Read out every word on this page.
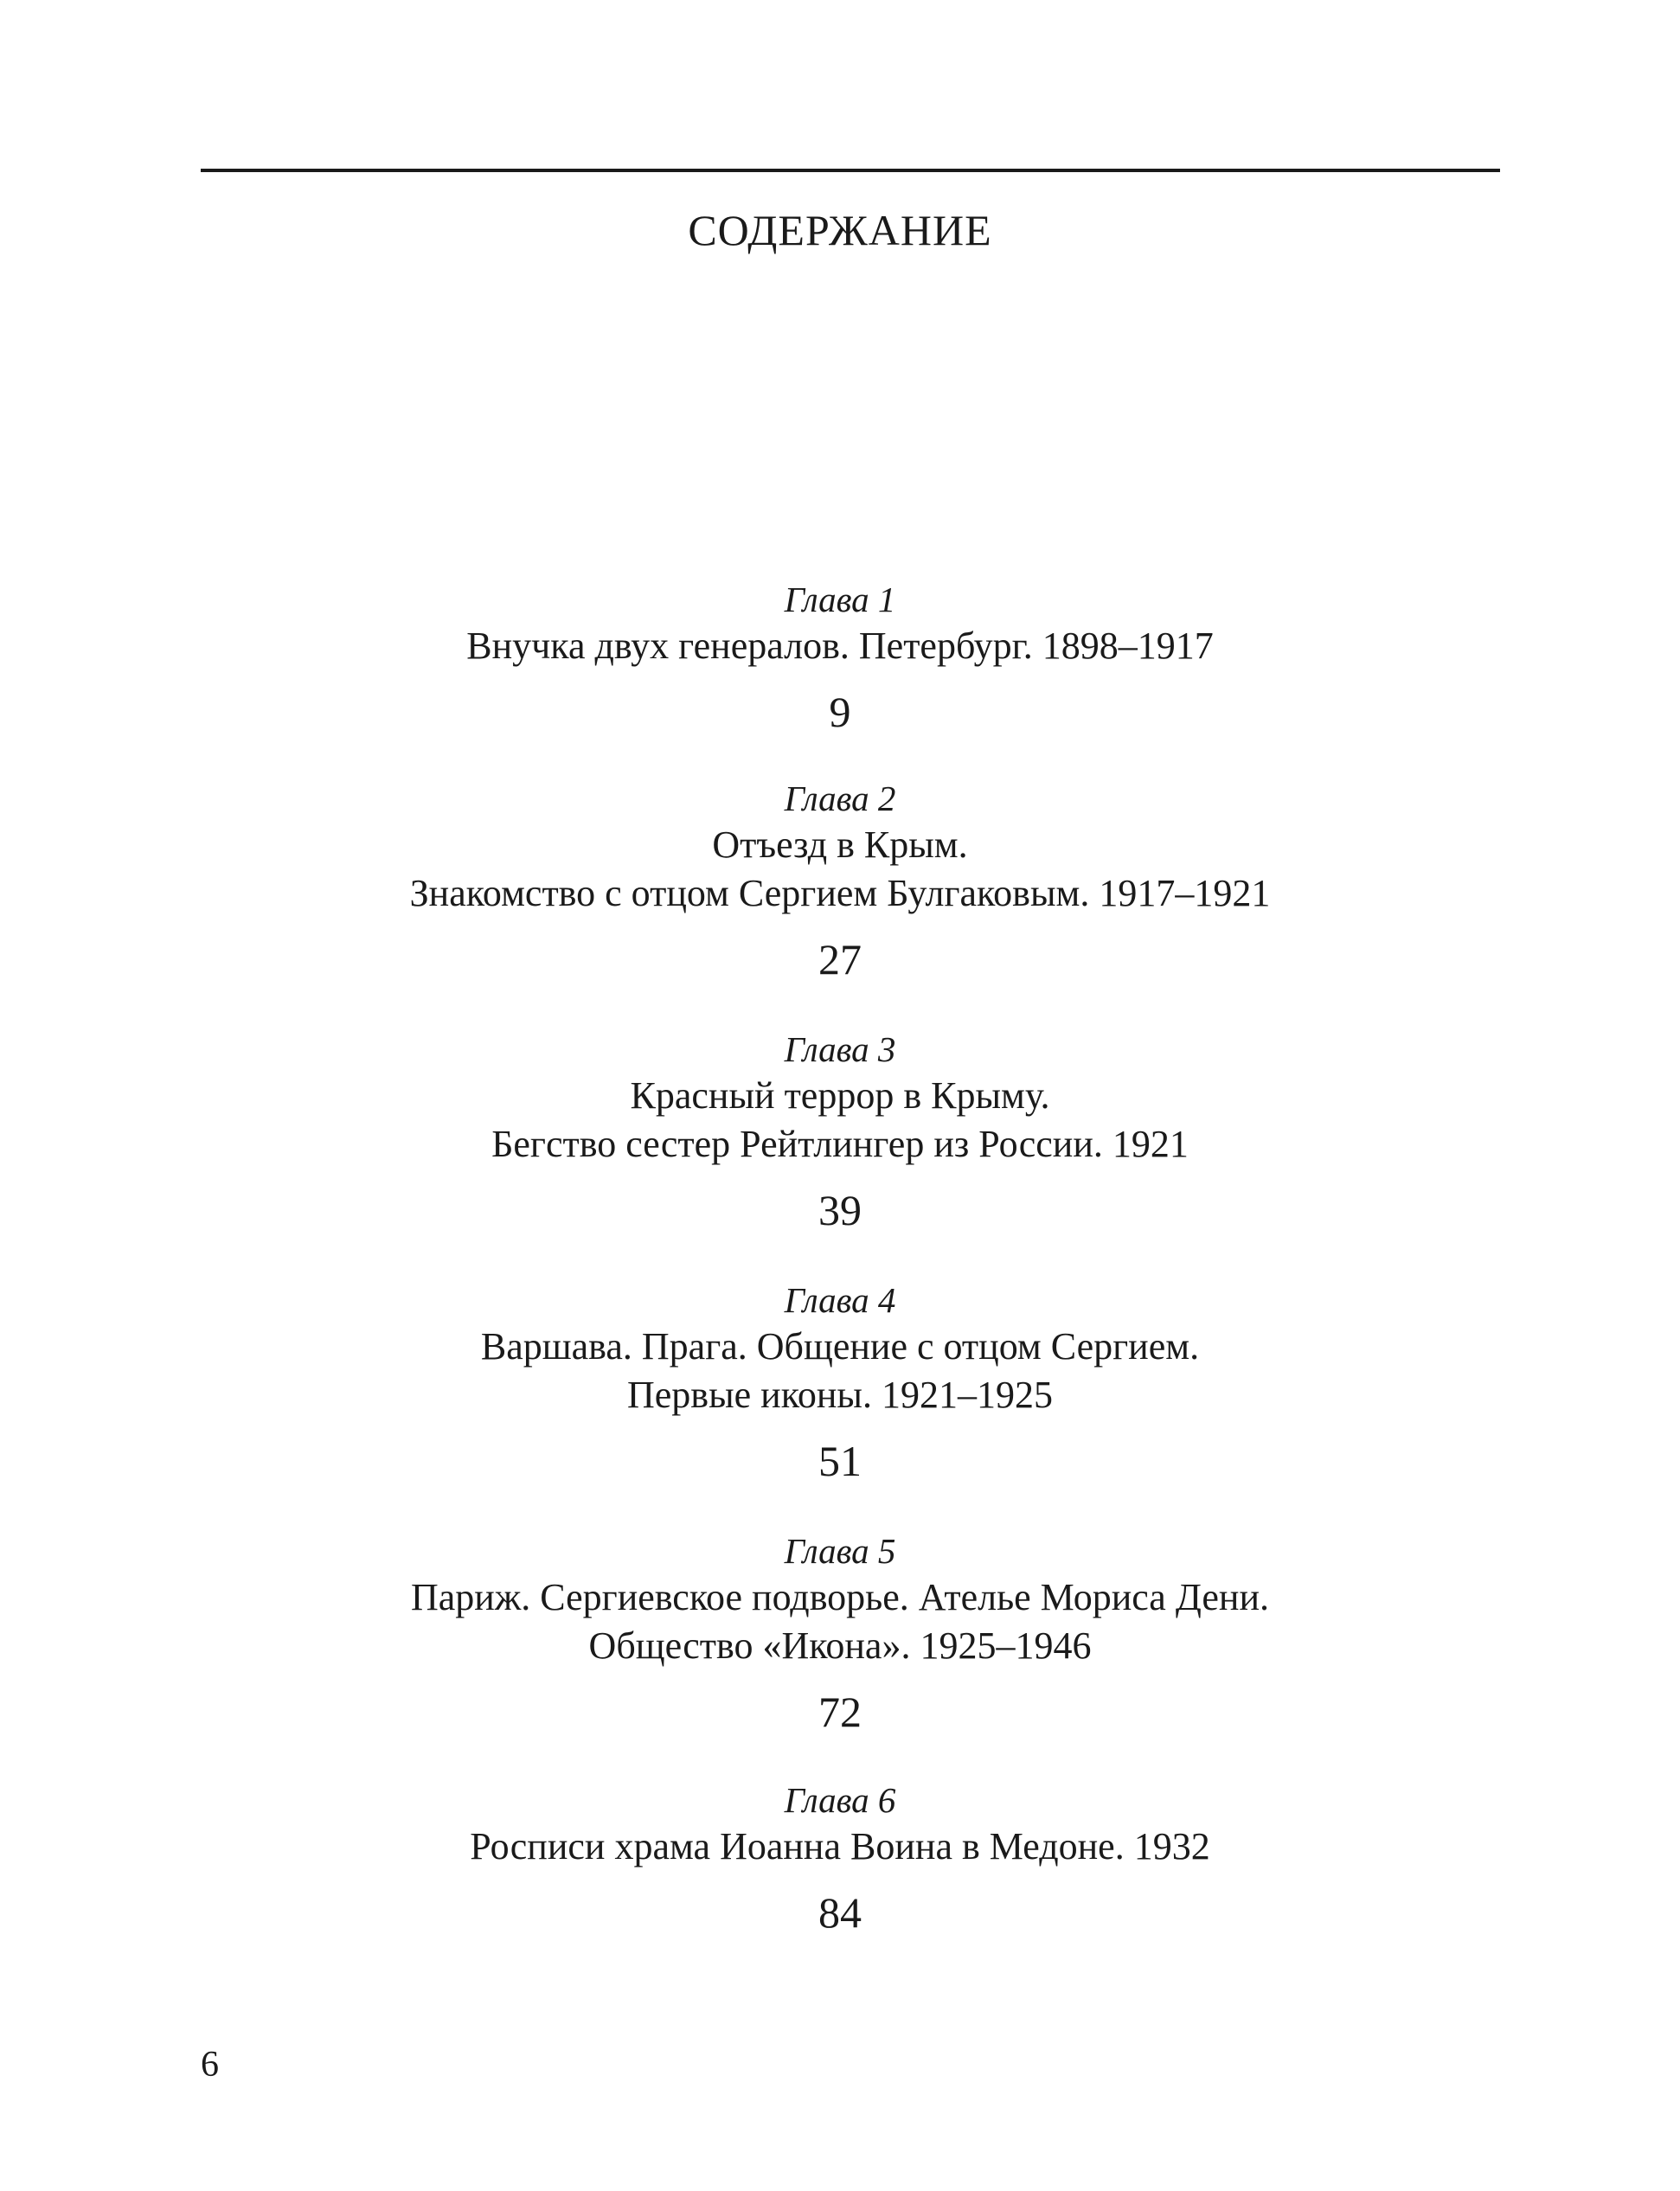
СОДЕРЖАНИЕ
Глава 1
Внучка двух генералов. Петербург. 1898–1917
9
Глава 2
Отъезд в Крым.
Знакомство с отцом Сергием Булгаковым. 1917–1921
27
Глава 3
Красный террор в Крыму.
Бегство сестер Рейтлингер из России. 1921
39
Глава 4
Варшава. Прага. Общение с отцом Сергием.
Первые иконы. 1921–1925
51
Глава 5
Париж. Сергиевское подворье. Ателье Мориса Дени.
Общество «Икона». 1925–1946
72
Глава 6
Росписи храма Иоанна Воина в Медоне. 1932
84
6
